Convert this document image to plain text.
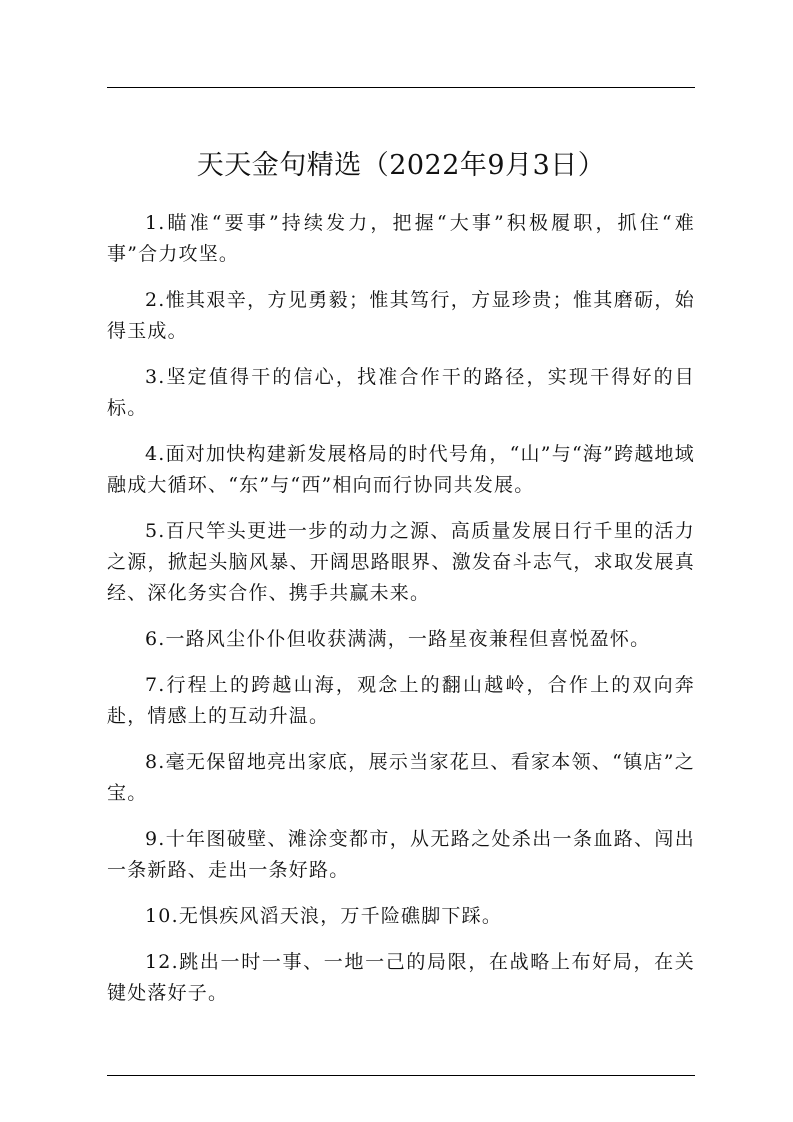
天天金句精选（2022年9月3日）

1.瞄准“要事”持续发力，把握“大事”积极履职，抓住“难事”合力攻坚。

2.惟其艰辛，方见勇毅；惟其笃行，方显珍贵；惟其磨砺，始得玉成。

3.坚定值得干的信心，找准合作干的路径，实现干得好的目标。

4.面对加快构建新发展格局的时代号角，“山”与“海”跨越地域融成大循环、“东”与“西”相向而行协同共发展。

5.百尺竿头更进一步的动力之源、高质量发展日行千里的活力之源，掀起头脑风暴、开阔思路眼界、激发奋斗志气，求取发展真经、深化务实合作、携手共赢未来。

6.一路风尘仆仆但收获满满，一路星夜兼程但喜悦盈怀。

7.行程上的跨越山海，观念上的翻山越岭，合作上的双向奔赴，情感上的互动升温。

8.毫无保留地亮出家底，展示当家花旦、看家本领、“镇店”之宝。

9.十年图破壁、滩涂变都市，从无路之处杀出一条血路、闯出一条新路、走出一条好路。

10.无惧疾风滔天浪，万千险礁脚下踩。

12.跳出一时一事、一地一己的局限，在战略上布好局，在关键处落好子。
